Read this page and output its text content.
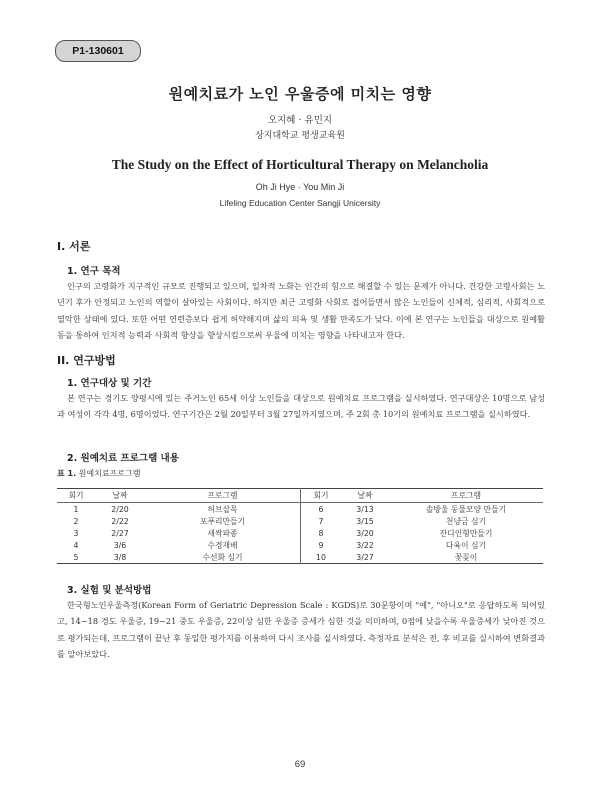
P1-130601
원예치료가 노인 우울증에 미치는 영향
오지혜 · 유민지
상지대학교 평생교육원
The Study on the Effect of Horticultural Therapy on Melancholia
Oh Ji Hye · You Min Ji
Lifeling Education Center Sangji Unicersity
I. 서론
1. 연구 목적

인구의 고령화가 지구적인 규모로 진행되고 있으며, 일차적 노화는 인간의 힘으로 해결할 수 있는 문제가 아니다. 건강한 고령사회는 노년기 후가 안정되고 노인의 역할이 살아있는 사회이다. 하지만 최근 고령화 사회로 접어들면서 많은 노인들이 신체적, 심리적, 사회적으로 열악한 상태에 있다. 또한 어떤 연련층보다 쉽게 허약해지며 삶의 의욕 및 생활 만족도가 낮다. 이에 본 연구는 노인들을 대상으로 원예활동을 통하여 인지적 능력과 사회적 향상을 향상시킴으로써 우울에 미치는 영향을 나타내고자 한다.

II. 연구방법
1. 연구대상 및 기간

본 연구는 경기도 양평시에 있는 주거노인 65세 이상 노인들을 대상으로 원예치료 프로그램을 실시하였다. 연구대상은 10명으로 남성과 여성이 각각 4명, 6명이었다. 연구기간은 2월 20일부터 3월 27일까지였으며, 주 2회 총 10기의 원예치료 프로그램을 실시하였다.

2. 원예치료 프로그램 내용
표 1. 원예치료프로그램
회기	날짜	프로그램	회기	날짜	프로그램
1	2/20	허브삽목	6	3/13	솔방울 동물모양 만들기
2	2/22	포푸리만들기	7	3/15	천냥금 심기
3	2/27	새싹파종	8	3/20	잔디인형만들기
4	3/6	수경재배	9	3/22	다육이 심기
5	3/8	수선화 심기	10	3/27	꽃꽂이
3. 실험 및 분석방법

한국형노인우울측정(Korean Form of Geriatric Depression Scale : KGDS)로 30문항이며 "예", "아니오"로 응답하도록 되어있고, 14~18 경도 우울증, 19~21 중도 우울증, 22이상 심한 우울증 증세가 심한 것을 의미하며, 0점에 낮을수록 우울증세가 낮아진 것으로 평가되는데, 프로그램이 끝난 후 동일한 평가지를 이용하여 다시 조사를 실시하였다. 측정자료 분석은 전, 후 비교를 실시하여 변화결과를 알아보았다.

69
